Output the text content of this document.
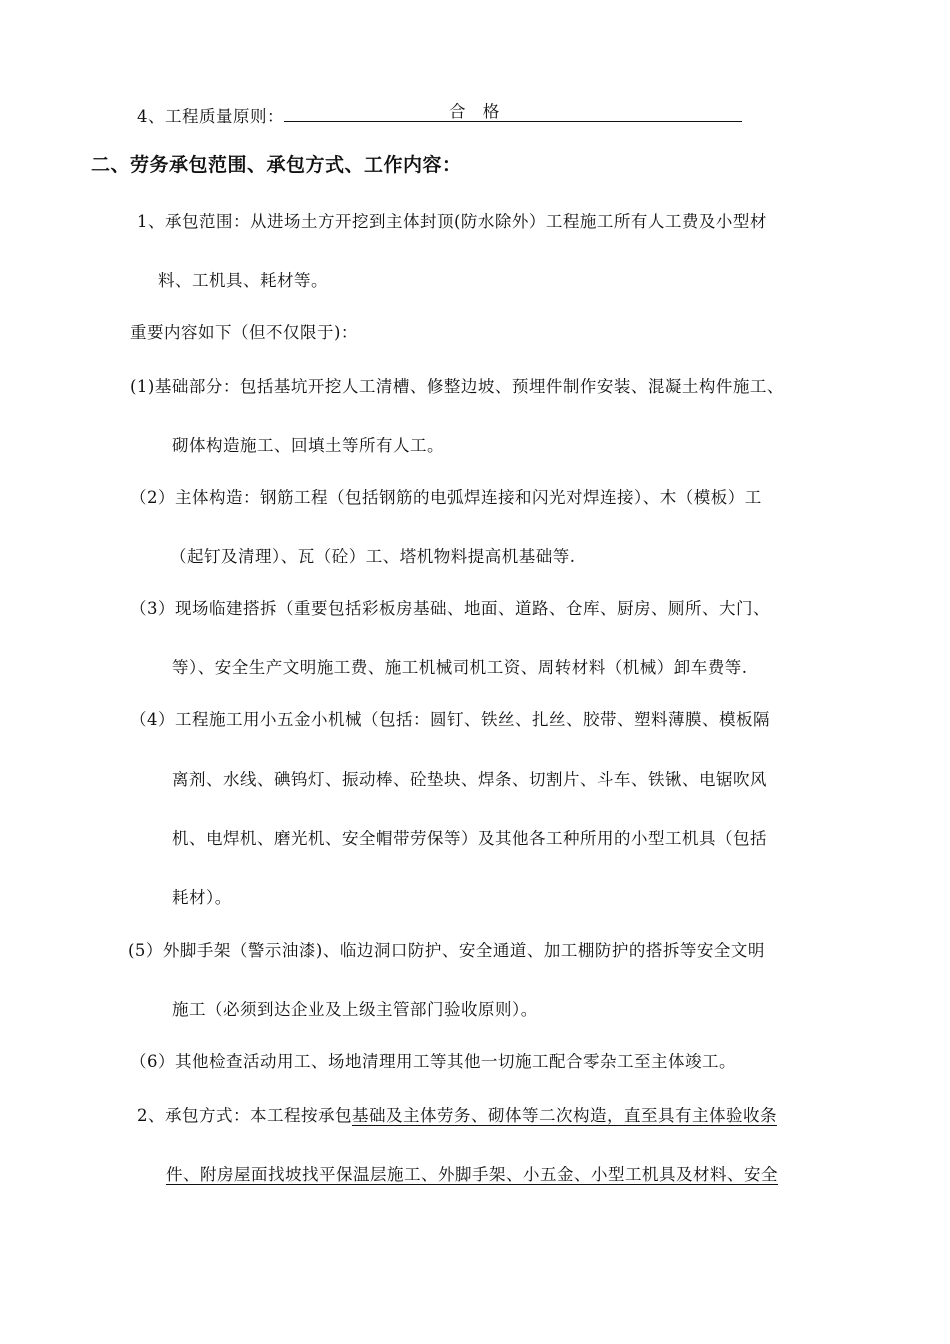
4、工程质量原则：	合 格
二、劳务承包范围、承包方式、工作内容：
1、承包范围：从进场土方开挖到主体封顶(防水除外）工程施工所有人工费及小型材
料、工机具、耗材等。
重要内容如下（但不仅限于)：
(1)基础部分：包括基坑开挖人工清槽、修整边坡、预埋件制作安装、混凝土构件施工、
砌体构造施工、回填土等所有人工。
（2）主体构造：钢筋工程（包括钢筋的电弧焊连接和闪光对焊连接）、木（模板）工
（起钉及清理）、瓦（砼）工、塔机物料提高机基础等.
（3）现场临建搭拆（重要包括彩板房基础、地面、道路、仓库、厨房、厕所、大门、
等）、安全生产文明施工费、施工机械司机工资、周转材料（机械）卸车费等.
（4）工程施工用小五金小机械（包括：圆钉、铁丝、扎丝、胶带、塑料薄膜、模板隔
离剂、水线、碘钨灯、振动棒、砼垫块、焊条、切割片、斗车、铁锹、电锯吹风
机、电焊机、磨光机、安全帽带劳保等）及其他各工种所用的小型工机具（包括
耗材）。
(5）外脚手架（警示油漆)、临边洞口防护、安全通道、加工棚防护的搭拆等安全文明
施工（必须到达企业及上级主管部门验收原则）。
（6）其他检查活动用工、场地清理用工等其他一切施工配合零杂工至主体竣工。
2、承包方式：本工程按承包基础及主体劳务、砌体等二次构造，直至具有主体验收条
件、附房屋面找坡找平保温层施工、外脚手架、小五金、小型工机具及材料、安全
